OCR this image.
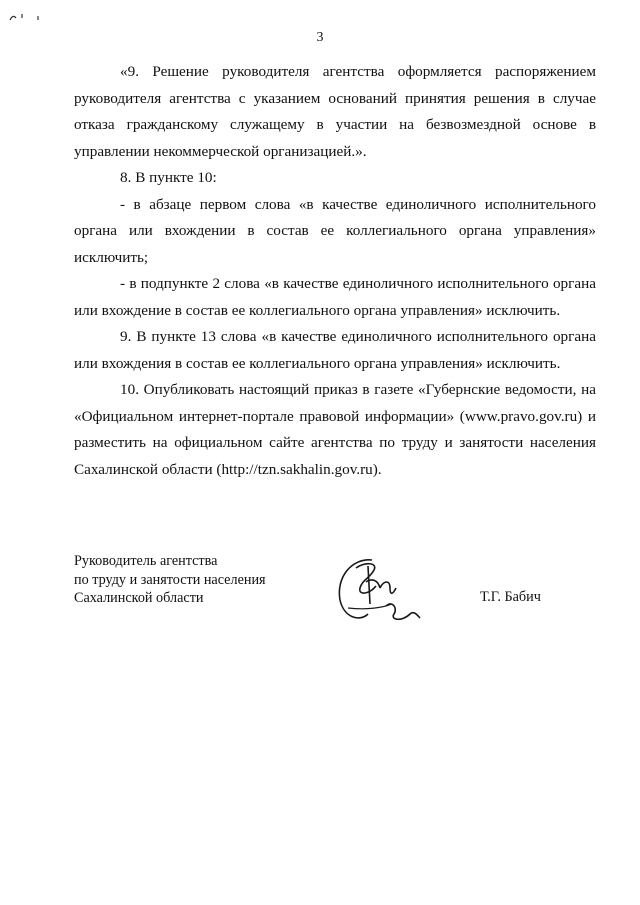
3

«9. Решение руководителя агентства оформляется распоряжением руководителя агентства с указанием оснований принятия решения в случае отказа гражданскому служащему в участии на безвозмездной основе в управлении некоммерческой организацией.».

8. В пункте 10:

- в абзаце первом слова «в качестве единоличного исполнительного органа или вхождении в состав ее коллегиального органа управления» исключить;

- в подпункте 2 слова «в качестве единоличного исполнительного органа или вхождение в состав ее коллегиального органа управления» исключить.

9. В пункте 13 слова «в качестве единоличного исполнительного органа или вхождения в состав ее коллегиального органа управления» исключить.

10. Опубликовать настоящий приказ в газете «Губернские ведомости, на «Официальном интернет-портале правовой информации» (www.pravo.gov.ru) и разместить на официальном сайте агентства по труду и занятости населения Сахалинской области (http://tzn.sakhalin.gov.ru).

Руководитель агентства
по труду и занятости населения
Сахалинской области	Т.Г. Бабич
